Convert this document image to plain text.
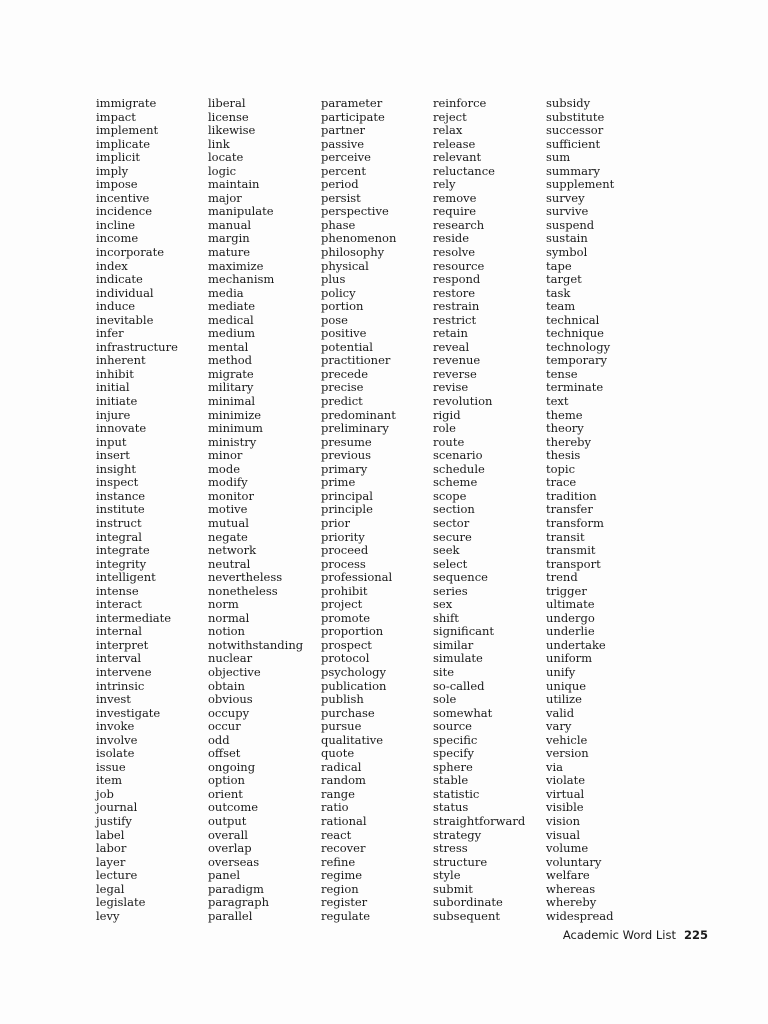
immigrate
impact
implement
implicate
implicit
imply
impose
incentive
incidence
incline
income
incorporate
index
indicate
individual
induce
inevitable
infer
infrastructure
inherent
inhibit
initial
initiate
injure
innovate
input
insert
insight
inspect
instance
institute
instruct
integral
integrate
integrity
intelligent
intense
interact
intermediate
internal
interpret
interval
intervene
intrinsic
invest
investigate
invoke
involve
isolate
issue
item
job
journal
justify
label
labor
layer
lecture
legal
legislate
levy
liberal
license
likewise
link
locate
logic
maintain
major
manipulate
manual
margin
mature
maximize
mechanism
media
mediate
medical
medium
mental
method
migrate
military
minimal
minimize
minimum
ministry
minor
mode
modify
monitor
motive
mutual
negate
network
neutral
nevertheless
nonetheless
norm
normal
notion
notwithstanding
nuclear
objective
obtain
obvious
occupy
occur
odd
offset
ongoing
option
orient
outcome
output
overall
overlap
overseas
panel
paradigm
paragraph
parallel
parameter
participate
partner
passive
perceive
percent
period
persist
perspective
phase
phenomenon
philosophy
physical
plus
policy
portion
pose
positive
potential
practitioner
precede
precise
predict
predominant
preliminary
presume
previous
primary
prime
principal
principle
prior
priority
proceed
process
professional
prohibit
project
promote
proportion
prospect
protocol
psychology
publication
publish
purchase
pursue
qualitative
quote
radical
random
range
ratio
rational
react
recover
refine
regime
region
register
regulate
reinforce
reject
relax
release
relevant
reluctance
rely
remove
require
research
reside
resolve
resource
respond
restore
restrain
restrict
retain
reveal
revenue
reverse
revise
revolution
rigid
role
route
scenario
schedule
scheme
scope
section
sector
secure
seek
select
sequence
series
sex
shift
significant
similar
simulate
site
so-called
sole
somewhat
source
specific
specify
sphere
stable
statistic
status
straightforward
strategy
stress
structure
style
submit
subordinate
subsequent
subsidy
substitute
successor
sufficient
sum
summary
supplement
survey
survive
suspend
sustain
symbol
tape
target
task
team
technical
technique
technology
temporary
tense
terminate
text
theme
theory
thereby
thesis
topic
trace
tradition
transfer
transform
transit
transmit
transport
trend
trigger
ultimate
undergo
underlie
undertake
uniform
unify
unique
utilize
valid
vary
vehicle
version
via
violate
virtual
visible
vision
visual
volume
voluntary
welfare
whereas
whereby
widespread
Academic Word List 225
